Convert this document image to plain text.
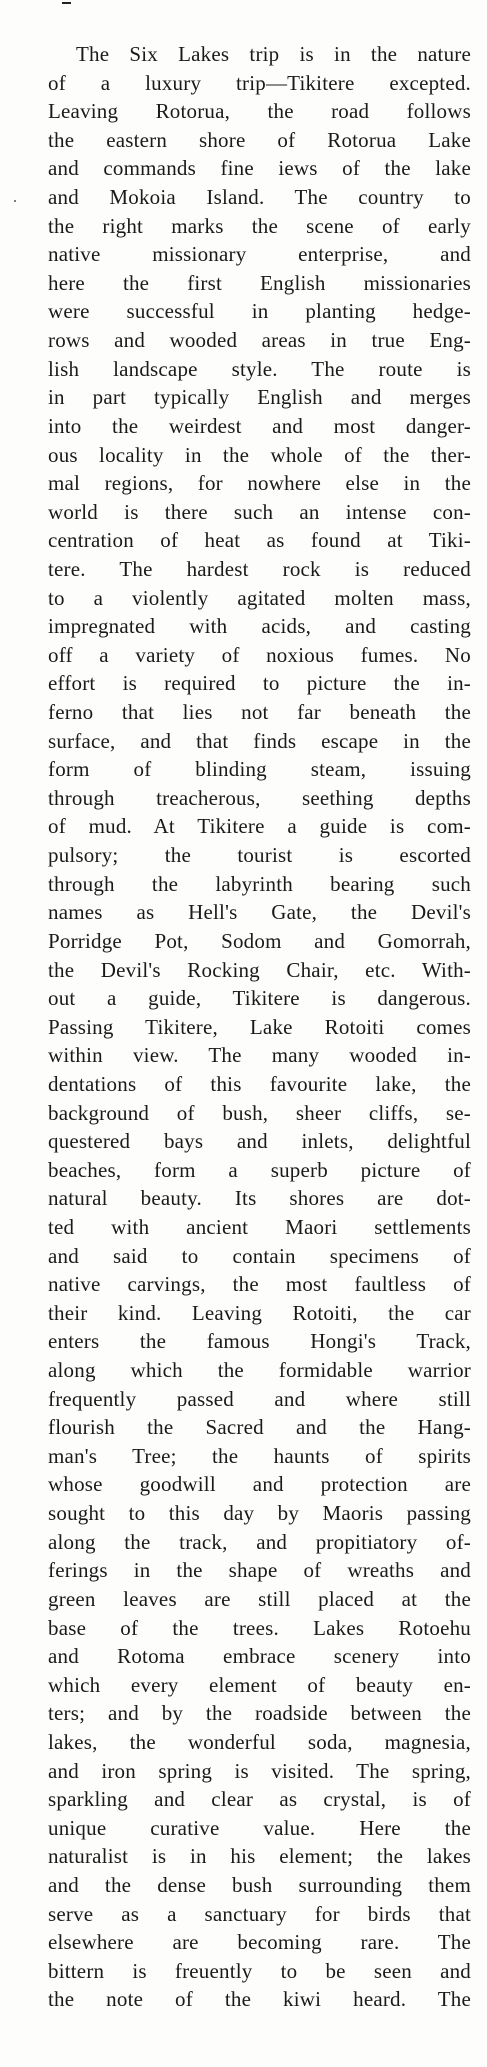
The Six Lakes trip is in the nature
of a luxury trip—Tikitere excepted.
Leaving Rotorua, the road follows
the eastern shore of Rotorua Lake
and commands fine iews of the lake
and Mokoia Island. The country to
the right marks the scene of early
native missionary enterprise, and
here the first English missionaries
were successful in planting hedge-
rows and wooded areas in true Eng-
lish landscape style. The route is
in part typically English and merges
into the weirdest and most danger-
ous locality in the whole of the ther-
mal regions, for nowhere else in the
world is there such an intense con-
centration of heat as found at Tiki-
tere. The hardest rock is reduced
to a violently agitated molten mass,
impregnated with acids, and casting
off a variety of noxious fumes. No
effort is required to picture the in-
ferno that lies not far beneath the
surface, and that finds escape in the
form of blinding steam, issuing
through treacherous, seething depths
of mud. At Tikitere a guide is com-
pulsory; the tourist is escorted
through the labyrinth bearing such
names as Hell's Gate, the Devil's
Porridge Pot, Sodom and Gomorrah,
the Devil's Rocking Chair, etc. With-
out a guide, Tikitere is dangerous.
Passing Tikitere, Lake Rotoiti comes
within view. The many wooded in-
dentations of this favourite lake, the
background of bush, sheer cliffs, se-
questered bays and inlets, delightful
beaches, form a superb picture of
natural beauty. Its shores are dot-
ted with ancient Maori settlements
and said to contain specimens of
native carvings, the most faultless of
their kind. Leaving Rotoiti, the car
enters the famous Hongi's Track,
along which the formidable warrior
frequently passed and where still
flourish the Sacred and the Hang-
man's Tree; the haunts of spirits
whose goodwill and protection are
sought to this day by Maoris passing
along the track, and propitiatory of-
ferings in the shape of wreaths and
green leaves are still placed at the
base of the trees. Lakes Rotoehu
and Rotoma embrace scenery into
which every element of beauty en-
ters; and by the roadside between the
lakes, the wonderful soda, magnesia,
and iron spring is visited. The spring,
sparkling and clear as crystal, is of
unique curative value. Here the
naturalist is in his element; the lakes
and the dense bush surrounding them
serve as a sanctuary for birds that
elsewhere are becoming rare. The
bittern is freuently to be seen and
the note of the kiwi heard. The
